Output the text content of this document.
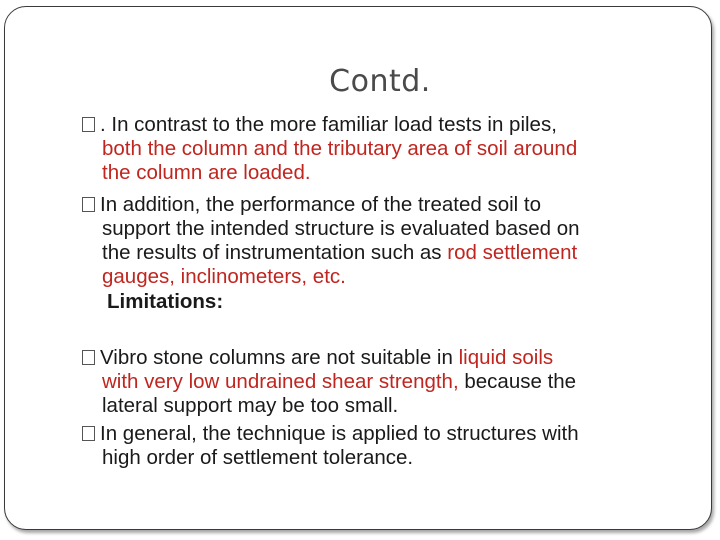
Contd.
. In contrast to the more familiar load tests in piles,
both the column and the tributary area of soil around
the column are loaded.
In addition, the performance of the treated soil to
support the intended structure is evaluated based on
the results of instrumentation such as rod settlement
gauges, inclinometers, etc.
Limitations:
Vibro stone columns are not suitable in liquid soils
with very low undrained shear strength, because the
lateral support may be too small.
In general, the technique is applied to structures with
high order of settlement tolerance.
